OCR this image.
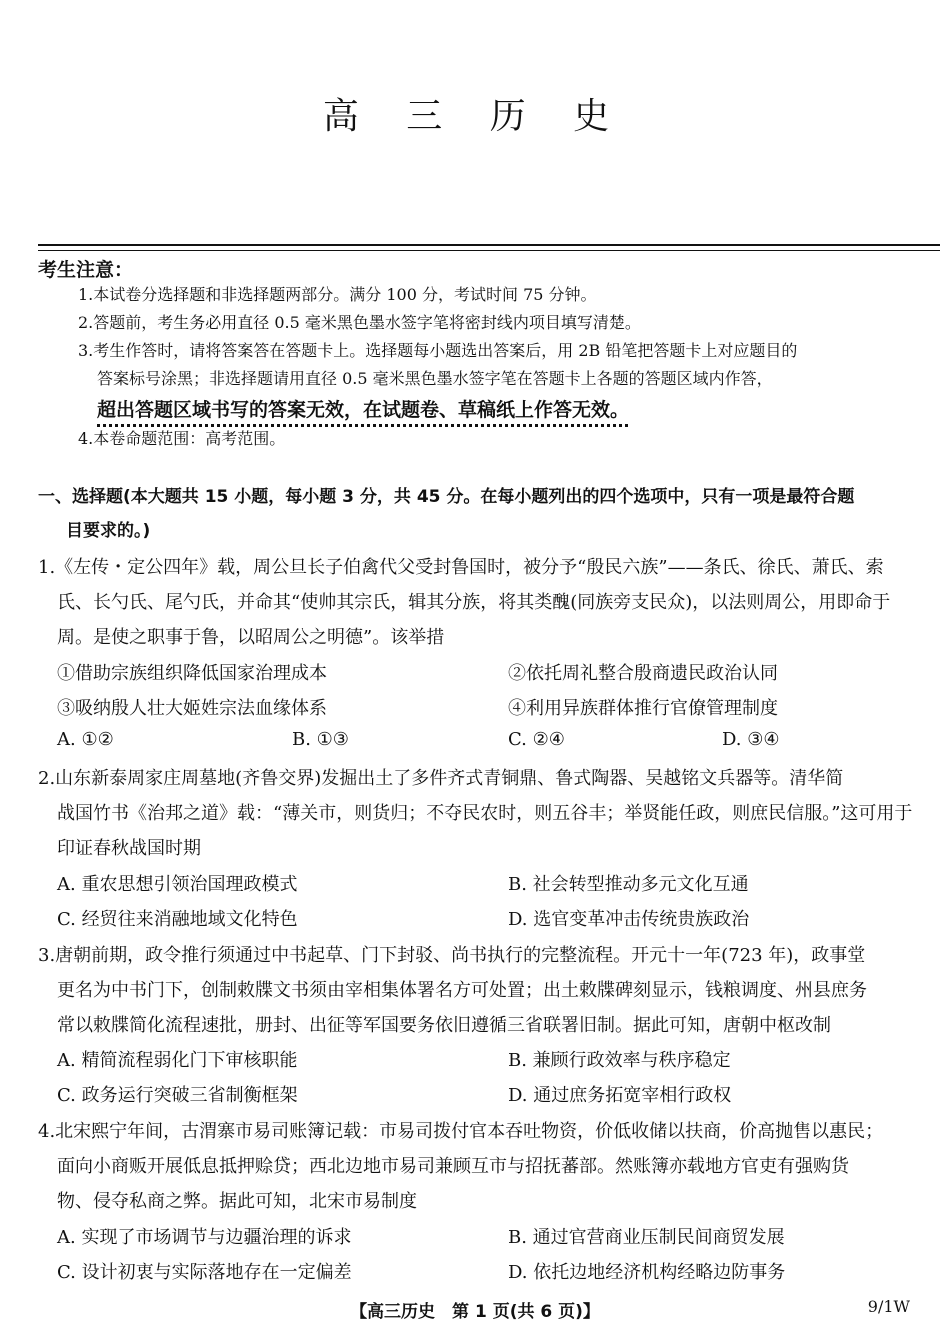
高 三 历 史
考生注意：
1.本试卷分选择题和非选择题两部分。满分 100 分，考试时间 75 分钟。
2.答题前，考生务必用直径 0.5 毫米黑色墨水签字笔将密封线内项目填写清楚。
3.考生作答时，请将答案答在答题卡上。选择题每小题选出答案后，用 2B 铅笔把答题卡上对应题目的
答案标号涂黑；非选择题请用直径 0.5 毫米黑色墨水签字笔在答题卡上各题的答题区域内作答，
超出答题区域书写的答案无效，在试题卷、草稿纸上作答无效。
4.本卷命题范围：高考范围。
一、选择题(本大题共 15 小题，每小题 3 分，共 45 分。在每小题列出的四个选项中，只有一项是最符合题
目要求的。)
1.《左传・定公四年》载，周公旦长子伯禽代父受封鲁国时，被分予“殷民六族”——条氏、徐氏、萧氏、索
氏、长勺氏、尾勺氏，并命其“使帅其宗氏，辑其分族，将其类醜(同族旁支民众)，以法则周公，用即命于
周。是使之职事于鲁，以昭周公之明德”。该举措
①借助宗族组织降低国家治理成本	②依托周礼整合殷商遗民政治认同
③吸纳殷人壮大姬姓宗法血缘体系	④利用异族群体推行官僚管理制度
A. ①②	B. ①③	C. ②④	D. ③④
2.山东新泰周家庄周墓地(齐鲁交界)发掘出土了多件齐式青铜鼎、鲁式陶器、吴越铭文兵器等。清华简
战国竹书《治邦之道》载：“薄关市，则货归；不夺民农时，则五谷丰；举贤能任政，则庶民信服。”这可用于
印证春秋战国时期
A. 重农思想引领治国理政模式	B. 社会转型推动多元文化互通
C. 经贸往来消融地域文化特色	D. 选官变革冲击传统贵族政治
3.唐朝前期，政令推行须通过中书起草、门下封驳、尚书执行的完整流程。开元十一年(723 年)，政事堂
更名为中书门下，创制敕牒文书须由宰相集体署名方可处置；出土敕牒碑刻显示，钱粮调度、州县庶务
常以敕牒简化流程速批，册封、出征等军国要务依旧遵循三省联署旧制。据此可知，唐朝中枢改制
A. 精简流程弱化门下审核职能	B. 兼顾行政效率与秩序稳定
C. 政务运行突破三省制衡框架	D. 通过庶务拓宽宰相行政权
4.北宋熙宁年间，古渭寨市易司账簿记载：市易司拨付官本吞吐物资，价低收储以扶商，价高抛售以惠民；
面向小商贩开展低息抵押赊贷；西北边地市易司兼顾互市与招抚蕃部。然账簿亦载地方官吏有强购货
物、侵夺私商之弊。据此可知，北宋市易制度
A. 实现了市场调节与边疆治理的诉求	B. 通过官营商业压制民间商贸发展
C. 设计初衷与实际落地存在一定偏差	D. 依托边地经济机构经略边防事务
【高三历史　第 1 页(共 6 页)】	9/1W
